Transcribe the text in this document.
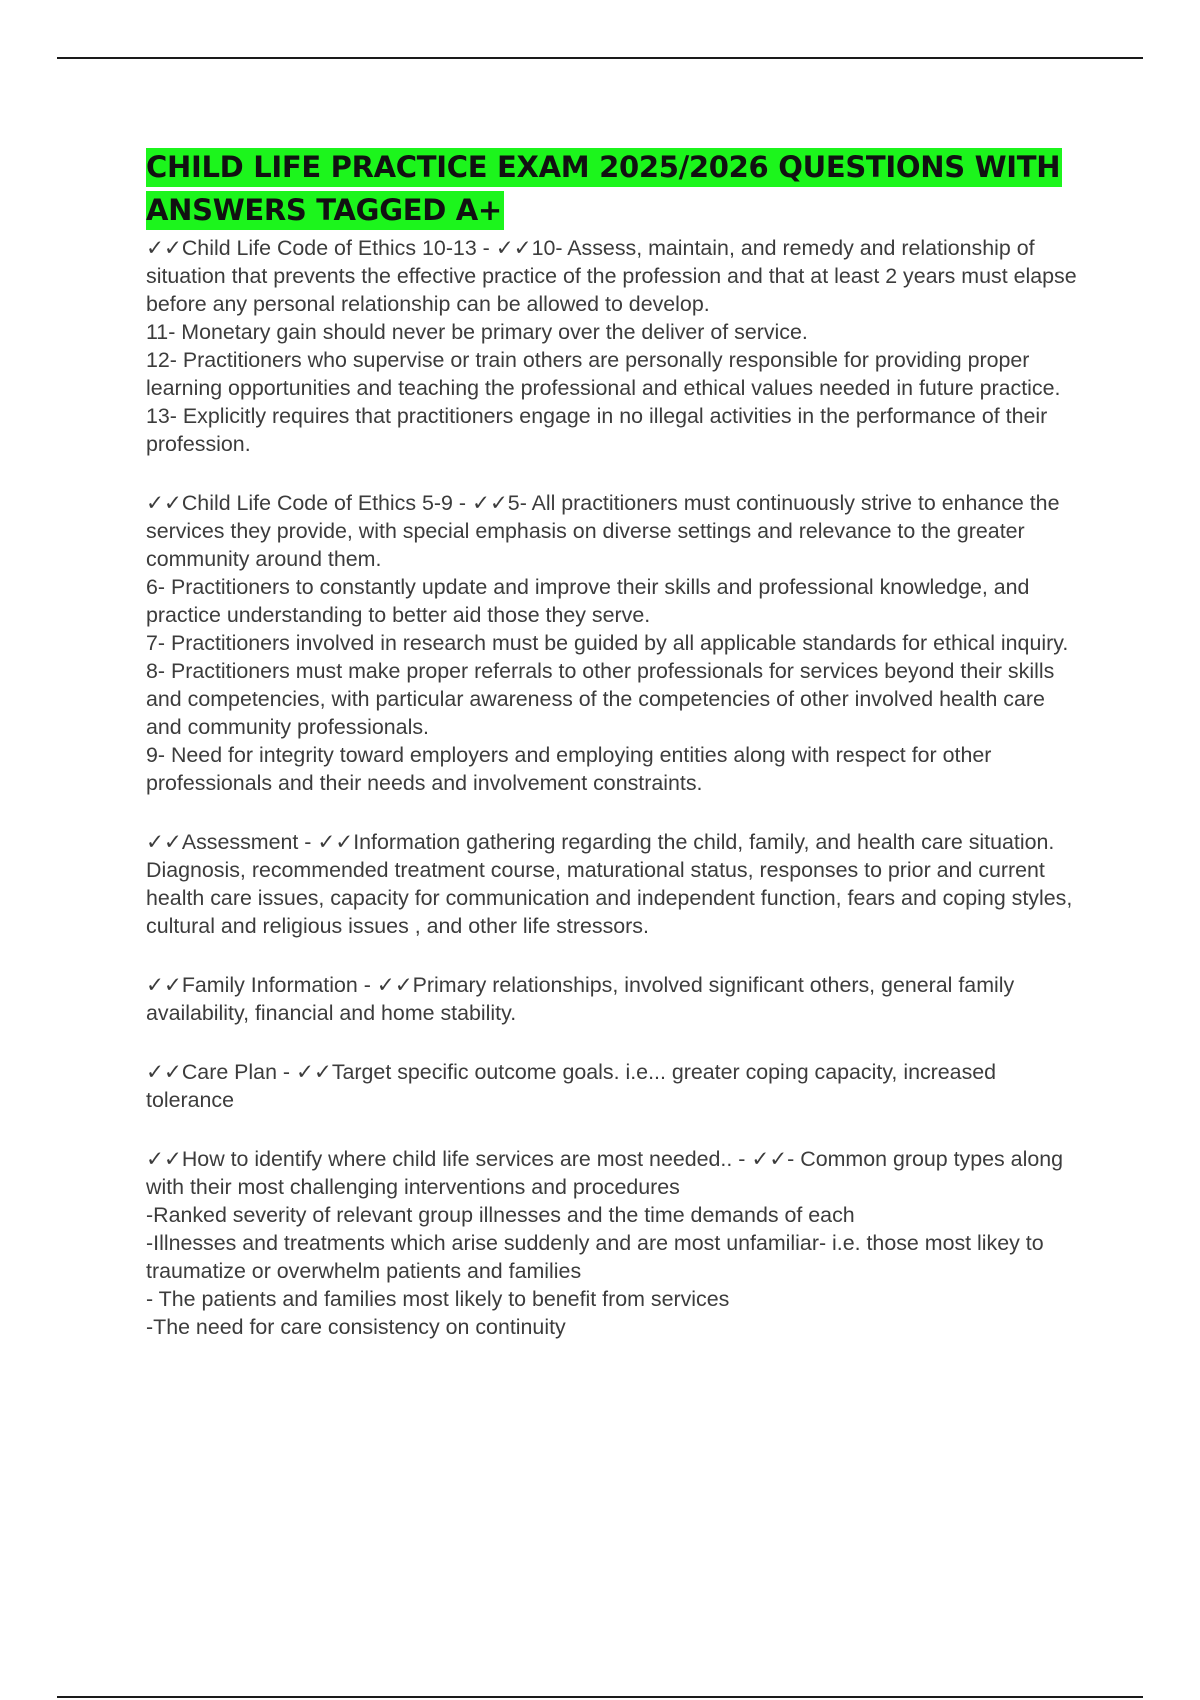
CHILD LIFE PRACTICE EXAM 2025/2026 QUESTIONS WITH ANSWERS TAGGED A+

✓✓Child Life Code of Ethics 10-13 - ✓✓10- Assess, maintain, and remedy and relationship of situation that prevents the effective practice of the profession and that at least 2 years must elapse before any personal relationship can be allowed to develop.

11- Monetary gain should never be primary over the deliver of service.

12- Practitioners who supervise or train others are personally responsible for providing proper learning opportunities and teaching the professional and ethical values needed in future practice.

13- Explicitly requires that practitioners engage in no illegal activities in the performance of their profession.

✓✓Child Life Code of Ethics 5-9 - ✓✓5- All practitioners must continuously strive to enhance the services they provide, with special emphasis on diverse settings and relevance to the greater community around them.

6- Practitioners to constantly update and improve their skills and professional knowledge, and practice understanding to better aid those they serve.

7- Practitioners involved in research must be guided by all applicable standards for ethical inquiry.

8- Practitioners must make proper referrals to other professionals for services beyond their skills and competencies, with particular awareness of the competencies of other involved health care and community professionals.

9- Need for integrity toward employers and employing entities along with respect for other professionals and their needs and involvement constraints.

✓✓Assessment - ✓✓Information gathering regarding the child, family, and health care situation. Diagnosis, recommended treatment course, maturational status, responses to prior and current health care issues, capacity for communication and independent function, fears and coping styles, cultural and religious issues , and other life stressors.

✓✓Family Information - ✓✓Primary relationships, involved significant others, general family availability, financial and home stability.

✓✓Care Plan - ✓✓Target specific outcome goals. i.e... greater coping capacity, increased tolerance

✓✓How to identify where child life services are most needed.. - ✓✓- Common group types along with their most challenging interventions and procedures

-Ranked severity of relevant group illnesses and the time demands of each

-Illnesses and treatments which arise suddenly and are most unfamiliar- i.e. those most likey to traumatize or overwhelm patients and families

- The patients and families most likely to benefit from services

-The need for care consistency on continuity
